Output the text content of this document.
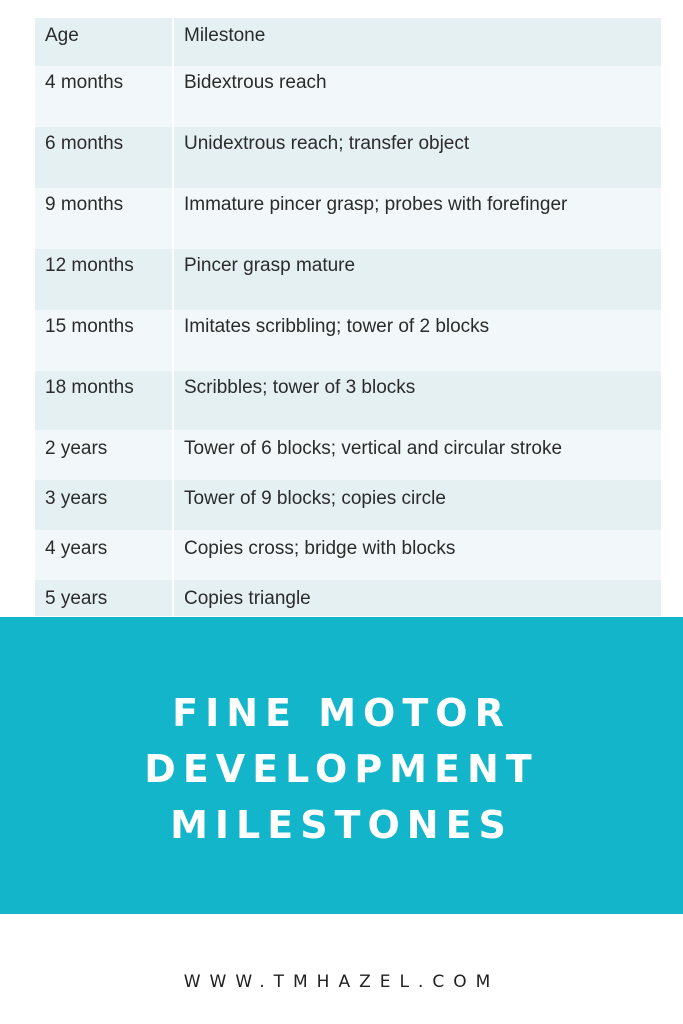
Age	Milestone
4 months	Bidextrous reach
6 months	Unidextrous reach; transfer object
9 months	Immature pincer grasp; probes with forefinger
12 months	Pincer grasp mature
15 months	Imitates scribbling; tower of 2 blocks
18 months	Scribbles; tower of 3 blocks
2 years	Tower of 6 blocks; vertical and circular stroke
3 years	Tower of 9 blocks; copies circle
4 years	Copies cross; bridge with blocks
5 years	Copies triangle
FINE MOTOR
DEVELOPMENT
MILESTONES
WWW.TMHAZEL.COM
